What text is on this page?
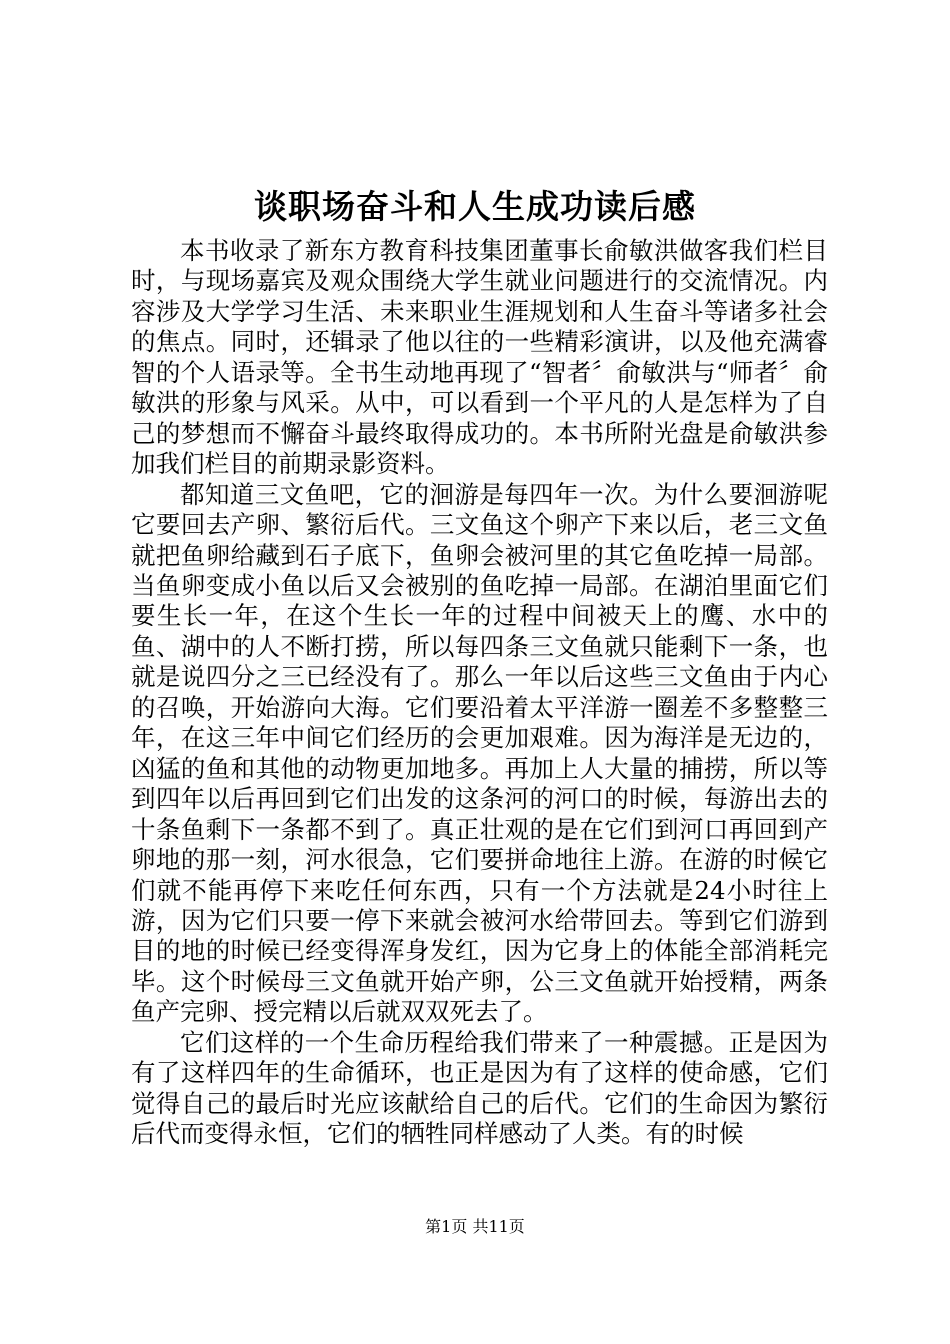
谈职场奋斗和人生成功读后感

本书收录了新东方教育科技集团董事长俞敏洪做客我们栏目时，与现场嘉宾及观众围绕大学生就业问题进行的交流情况。内容涉及大学学习生活、未来职业生涯规划和人生奋斗等诸多社会的焦点。同时，还辑录了他以往的一些精彩演讲，以及他充满睿智的个人语录等。全书生动地再现了“智者〞俞敏洪与“师者〞俞敏洪的形象与风采。从中，可以看到一个平凡的人是怎样为了自己的梦想而不懈奋斗最终取得成功的。本书所附光盘是俞敏洪参加我们栏目的前期录影资料。

都知道三文鱼吧，它的洄游是每四年一次。为什么要洄游呢它要回去产卵、繁衍后代。三文鱼这个卵产下来以后，老三文鱼就把鱼卵给藏到石子底下，鱼卵会被河里的其它鱼吃掉一局部。当鱼卵变成小鱼以后又会被别的鱼吃掉一局部。在湖泊里面它们要生长一年，在这个生长一年的过程中间被天上的鹰、水中的鱼、湖中的人不断打捞，所以每四条三文鱼就只能剩下一条，也就是说四分之三已经没有了。那么一年以后这些三文鱼由于内心的召唤，开始游向大海。它们要沿着太平洋游一圈差不多整整三年，在这三年中间它们经历的会更加艰难。因为海洋是无边的，凶猛的鱼和其他的动物更加地多。再加上人大量的捕捞，所以等到四年以后再回到它们出发的这条河的河口的时候，每游出去的十条鱼剩下一条都不到了。真正壮观的是在它们到河口再回到产卵地的那一刻，河水很急，它们要拼命地往上游。在游的时候它们就不能再停下来吃任何东西，只有一个方法就是24小时往上游，因为它们只要一停下来就会被河水给带回去。等到它们游到目的地的时候已经变得浑身发红，因为它身上的体能全部消耗完毕。这个时候母三文鱼就开始产卵，公三文鱼就开始授精，两条鱼产完卵、授完精以后就双双死去了。

它们这样的一个生命历程给我们带来了一种震撼。正是因为有了这样四年的生命循环，也正是因为有了这样的使命感，它们觉得自己的最后时光应该献给自己的后代。它们的生命因为繁衍后代而变得永恒，它们的牺牲同样感动了人类。有的时候

第1页 共11页
